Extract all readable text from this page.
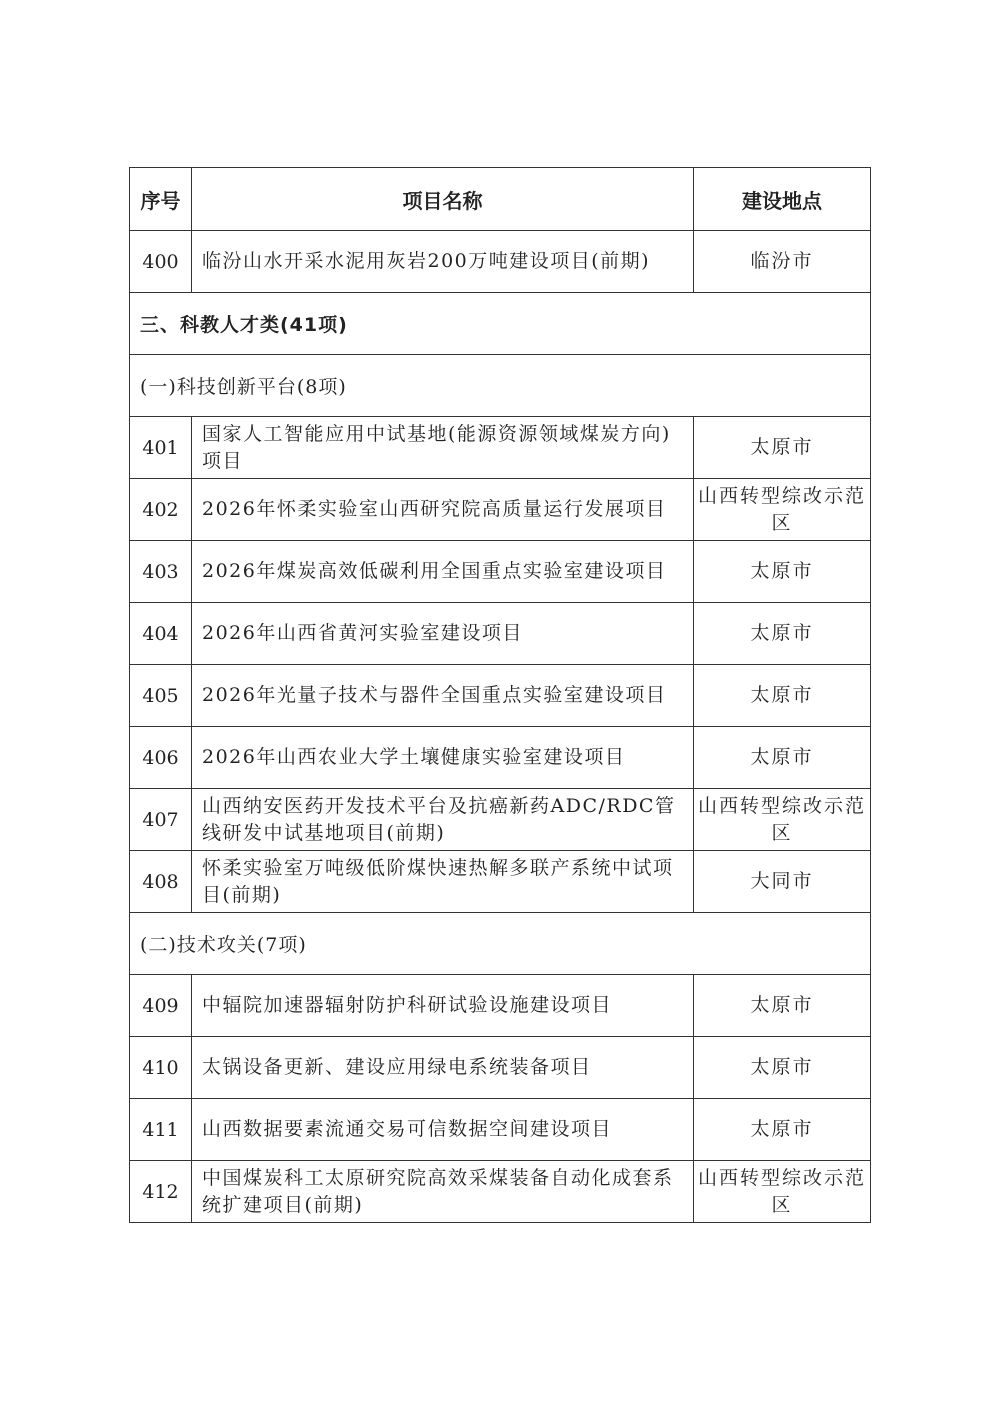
序号	项目名称	建设地点
400	临汾山水开采水泥用灰岩200万吨建设项目(前期)	临汾市
三、科教人才类(41项)		
(一)科技创新平台(8项)		
401	国家人工智能应用中试基地(能源资源领域煤炭方向)项目	太原市
402	2026年怀柔实验室山西研究院高质量运行发展项目	山西转型综改示范区
403	2026年煤炭高效低碳利用全国重点实验室建设项目	太原市
404	2026年山西省黄河实验室建设项目	太原市
405	2026年光量子技术与器件全国重点实验室建设项目	太原市
406	2026年山西农业大学土壤健康实验室建设项目	太原市
407	山西纳安医药开发技术平台及抗癌新药ADC/RDC管线研发中试基地项目(前期)	山西转型综改示范区
408	怀柔实验室万吨级低阶煤快速热解多联产系统中试项目(前期)	大同市
(二)技术攻关(7项)		
409	中辐院加速器辐射防护科研试验设施建设项目	太原市
410	太锅设备更新、建设应用绿电系统装备项目	太原市
411	山西数据要素流通交易可信数据空间建设项目	太原市
412	中国煤炭科工太原研究院高效采煤装备自动化成套系统扩建项目(前期)	山西转型综改示范区
